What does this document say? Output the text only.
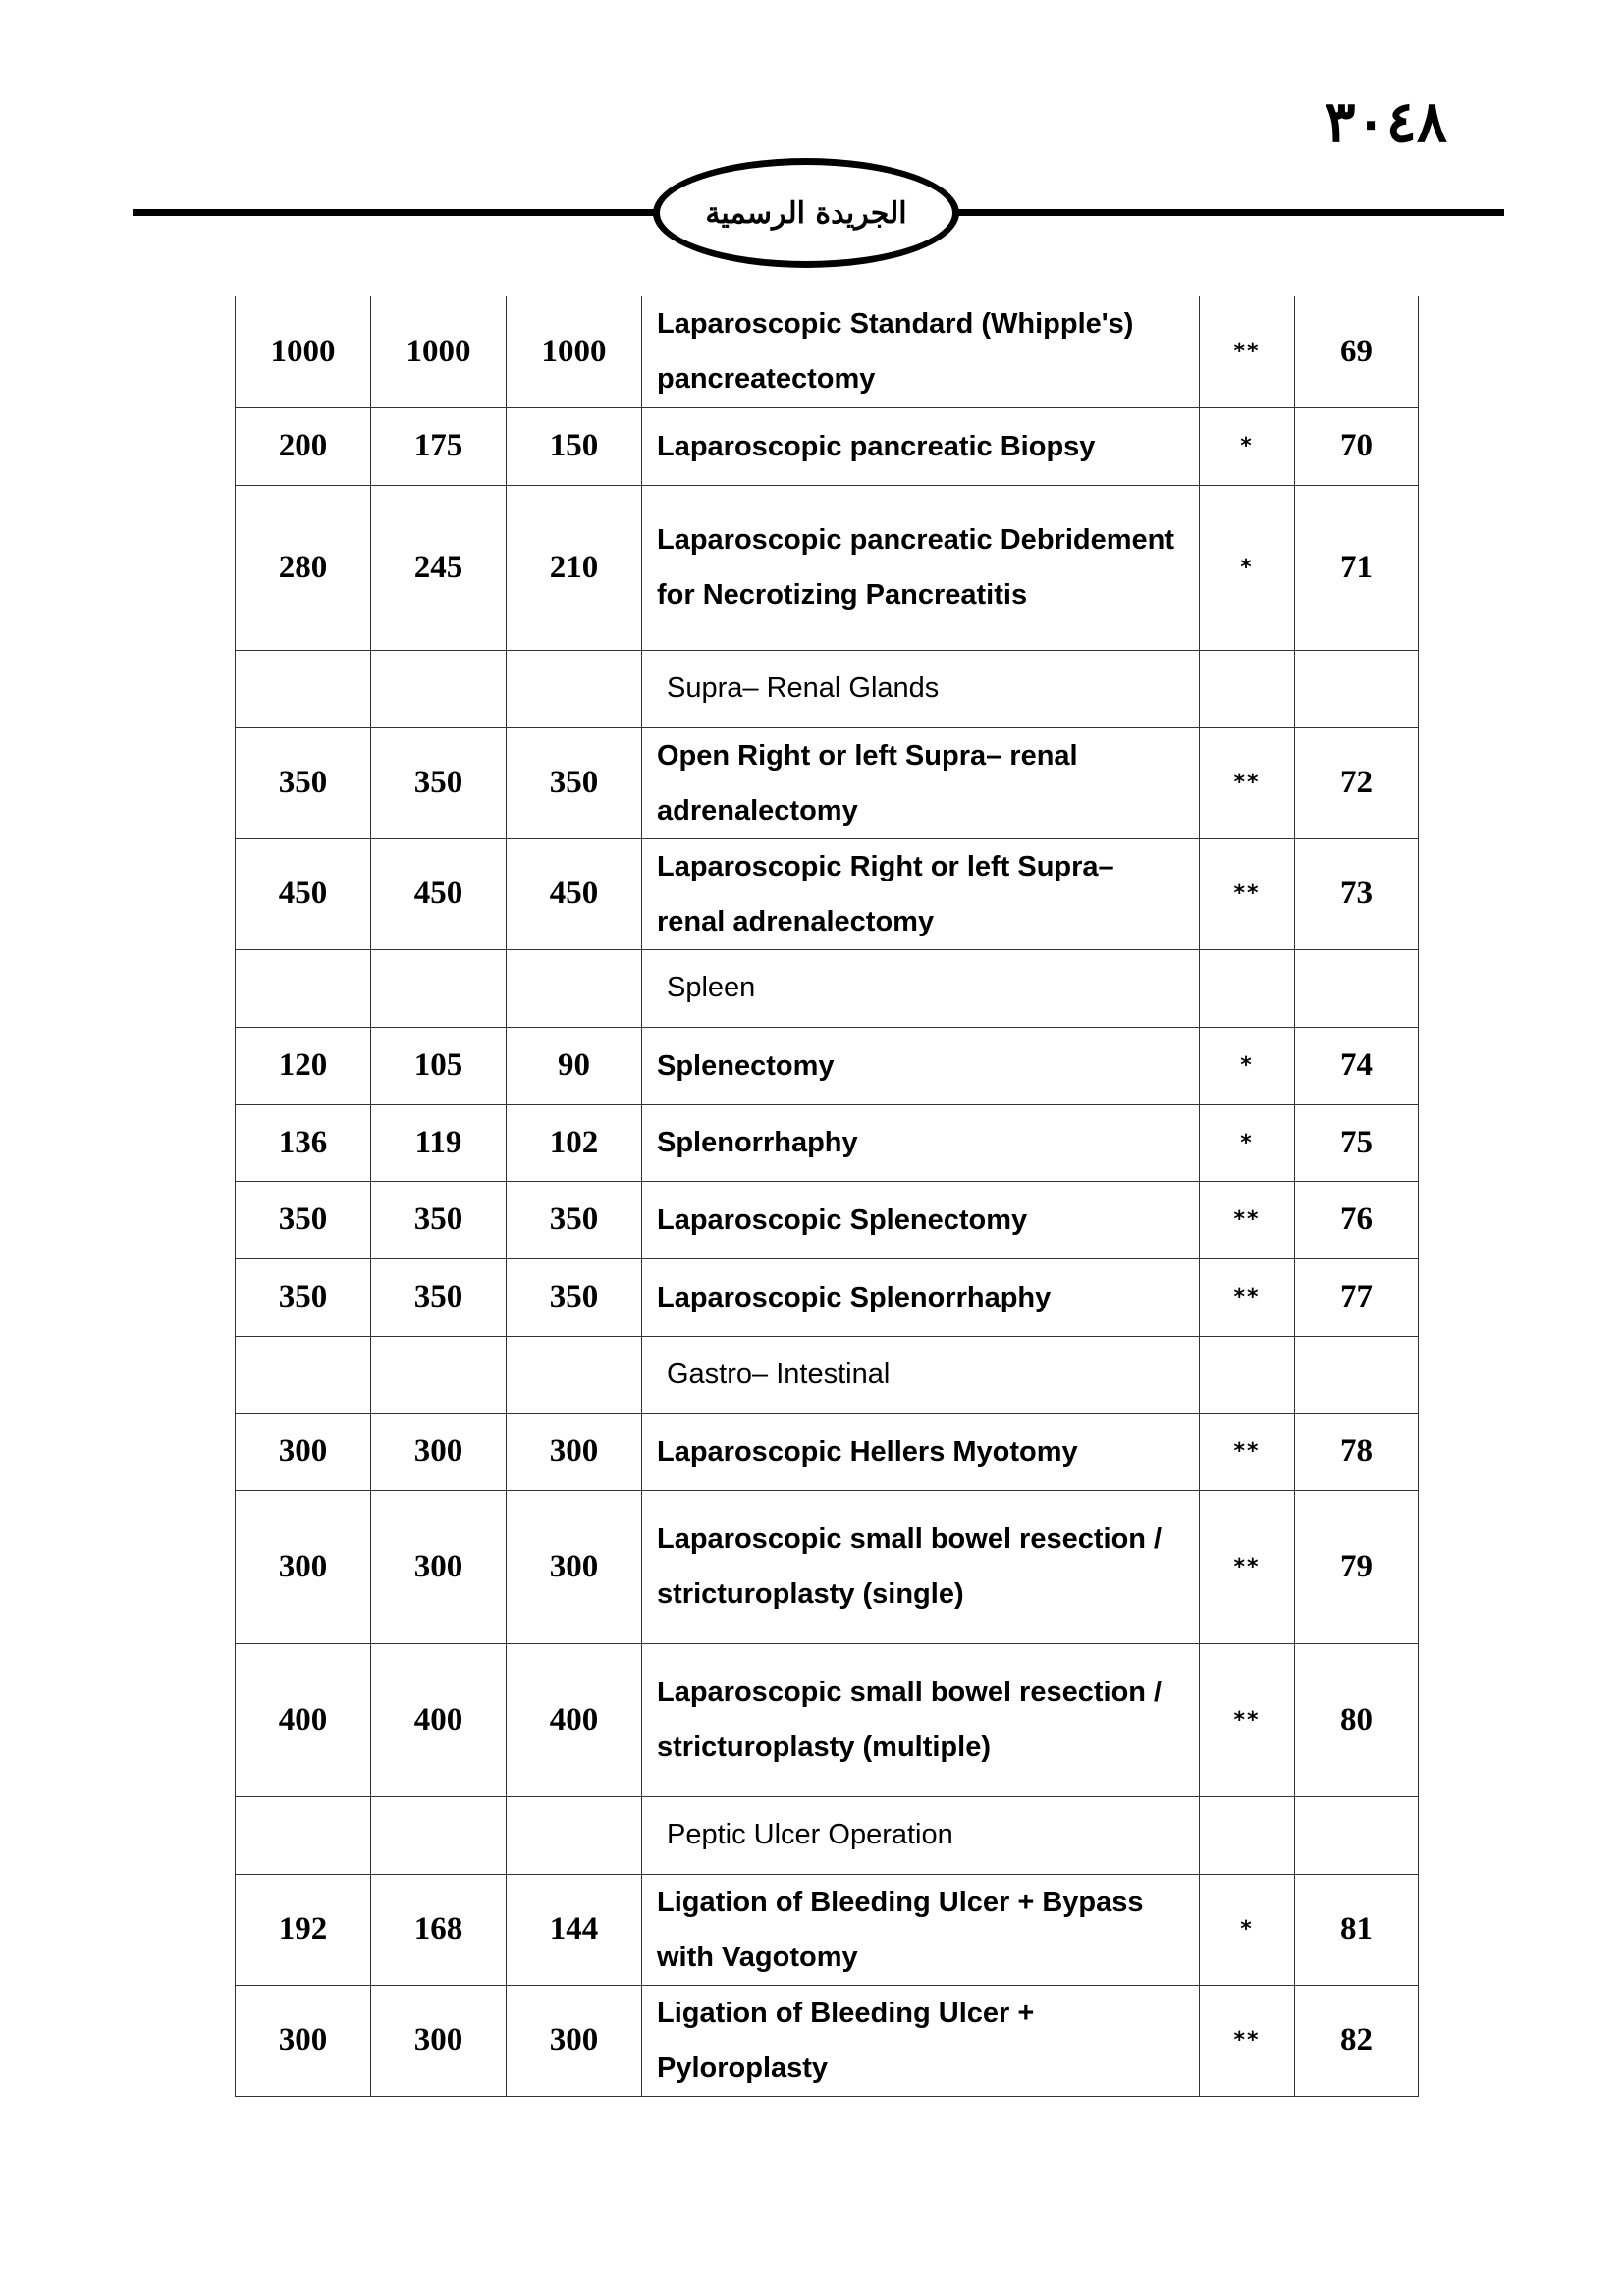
٣٠٤٨
الجريدة الرسمية
1000	1000	1000	Laparoscopic Standard (Whipple's) pancreatectomy	**	69
200	175	150	Laparoscopic pancreatic Biopsy	*	70
280	245	210	Laparoscopic pancreatic Debridement for Necrotizing Pancreatitis	*	71
			Supra– Renal Glands		
350	350	350	Open Right or left Supra– renal adrenalectomy	**	72
450	450	450	Laparoscopic Right or left Supra– renal adrenalectomy	**	73
			Spleen		
120	105	90	Splenectomy	*	74
136	119	102	Splenorrhaphy	*	75
350	350	350	Laparoscopic Splenectomy	**	76
350	350	350	Laparoscopic Splenorrhaphy	**	77
			Gastro– Intestinal		
300	300	300	Laparoscopic Hellers Myotomy	**	78
300	300	300	Laparoscopic small bowel resection / stricturoplasty (single)	**	79
400	400	400	Laparoscopic small bowel resection / stricturoplasty (multiple)	**	80
			Peptic Ulcer Operation		
192	168	144	Ligation of Bleeding Ulcer + Bypass with Vagotomy	*	81
300	300	300	Ligation of Bleeding Ulcer + Pyloroplasty	**	82
